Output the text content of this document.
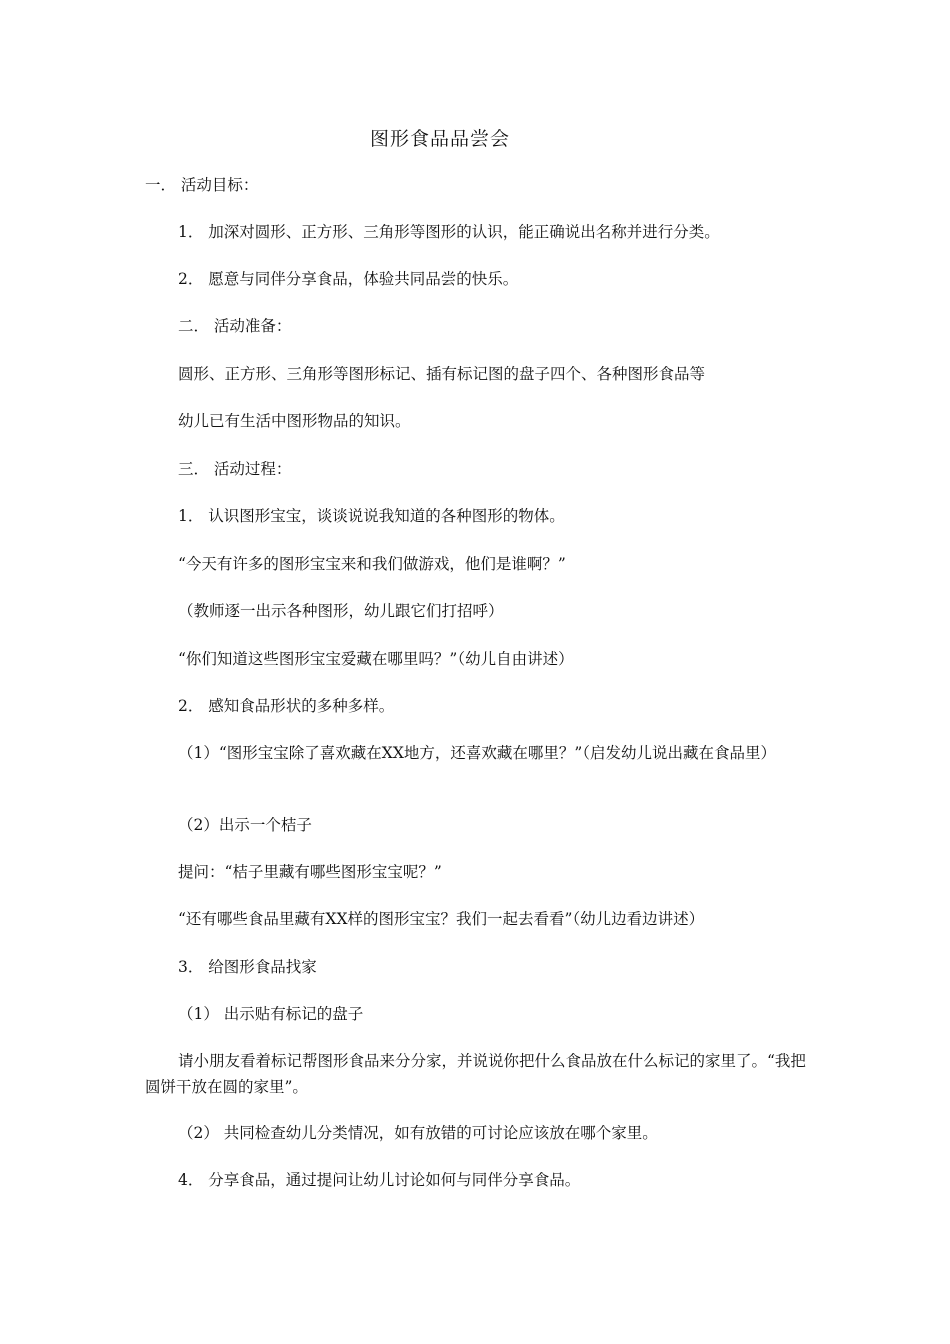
图形食品品尝会
一． 活动目标：
1． 加深对圆形、正方形、三角形等图形的认识，能正确说出名称并进行分类。
2． 愿意与同伴分享食品，体验共同品尝的快乐。
二． 活动准备：
圆形、正方形、三角形等图形标记、插有标记图的盘子四个、各种图形食品等
幼儿已有生活中图形物品的知识。
三． 活动过程：
1． 认识图形宝宝，谈谈说说我知道的各种图形的物体。
“今天有许多的图形宝宝来和我们做游戏，他们是谁啊？”
（教师逐一出示各种图形，幼儿跟它们打招呼）
“你们知道这些图形宝宝爱藏在哪里吗？”（幼儿自由讲述）
2． 感知食品形状的多种多样。
（1）“图形宝宝除了喜欢藏在XX地方，还喜欢藏在哪里？”（启发幼儿说出藏在食品里）
（2）出示一个桔子
提问：“桔子里藏有哪些图形宝宝呢？”
“还有哪些食品里藏有XX样的图形宝宝？我们一起去看看”（幼儿边看边讲述）
3． 给图形食品找家
（1） 出示贴有标记的盘子
请小朋友看着标记帮图形食品来分分家，并说说你把什么食品放在什么标记的家里了。“我把圆饼干放在圆的家里”。
（2） 共同检查幼儿分类情况，如有放错的可讨论应该放在哪个家里。
4． 分享食品，通过提问让幼儿讨论如何与同伴分享食品。
